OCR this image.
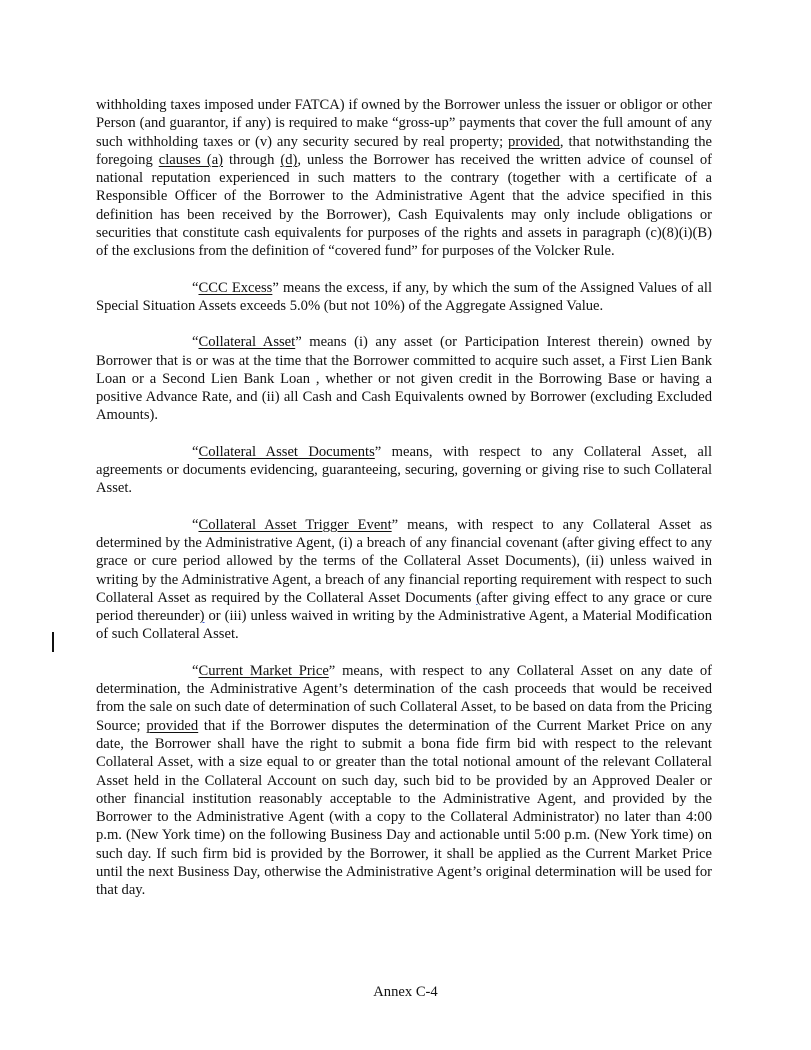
withholding taxes imposed under FATCA) if owned by the Borrower unless the issuer or obligor or other Person (and guarantor, if any) is required to make “gross-up” payments that cover the full amount of any such withholding taxes or (v) any security secured by real property; provided, that notwithstanding the foregoing clauses (a) through (d), unless the Borrower has received the written advice of counsel of national reputation experienced in such matters to the contrary (together with a certificate of a Responsible Officer of the Borrower to the Administrative Agent that the advice specified in this definition has been received by the Borrower), Cash Equivalents may only include obligations or securities that constitute cash equivalents for purposes of the rights and assets in paragraph (c)(8)(i)(B) of the exclusions from the definition of “covered fund” for purposes of the Volcker Rule.

“CCC Excess” means the excess, if any, by which the sum of the Assigned Values of all Special Situation Assets exceeds 5.0% (but not 10%) of the Aggregate Assigned Value.

“Collateral Asset” means (i) any asset (or Participation Interest therein) owned by Borrower that is or was at the time that the Borrower committed to acquire such asset, a First Lien Bank Loan or a Second Lien Bank Loan , whether or not given credit in the Borrowing Base or having a positive Advance Rate, and (ii) all Cash and Cash Equivalents owned by Borrower (excluding Excluded Amounts).

“Collateral Asset Documents” means, with respect to any Collateral Asset, all agreements or documents evidencing, guaranteeing, securing, governing or giving rise to such Collateral Asset.

“Collateral Asset Trigger Event” means, with respect to any Collateral Asset as determined by the Administrative Agent, (i) a breach of any financial covenant (after giving effect to any grace or cure period allowed by the terms of the Collateral Asset Documents), (ii) unless waived in writing by the Administrative Agent, a breach of any financial reporting requirement with respect to such Collateral Asset as required by the Collateral Asset Documents (after giving effect to any grace or cure period thereunder) or (iii) unless waived in writing by the Administrative Agent, a Material Modification of such Collateral Asset.

“Current Market Price” means, with respect to any Collateral Asset on any date of determination, the Administrative Agent’s determination of the cash proceeds that would be received from the sale on such date of determination of such Collateral Asset, to be based on data from the Pricing Source; provided that if the Borrower disputes the determination of the Current Market Price on any date, the Borrower shall have the right to submit a bona fide firm bid with respect to the relevant Collateral Asset, with a size equal to or greater than the total notional amount of the relevant Collateral Asset held in the Collateral Account on such day, such bid to be provided by an Approved Dealer or other financial institution reasonably acceptable to the Administrative Agent, and provided by the Borrower to the Administrative Agent (with a copy to the Collateral Administrator) no later than 4:00 p.m. (New York time) on the following Business Day and actionable until 5:00 p.m. (New York time) on such day. If such firm bid is provided by the Borrower, it shall be applied as the Current Market Price until the next Business Day, otherwise the Administrative Agent’s original determination will be used for that day.

Annex C-4
